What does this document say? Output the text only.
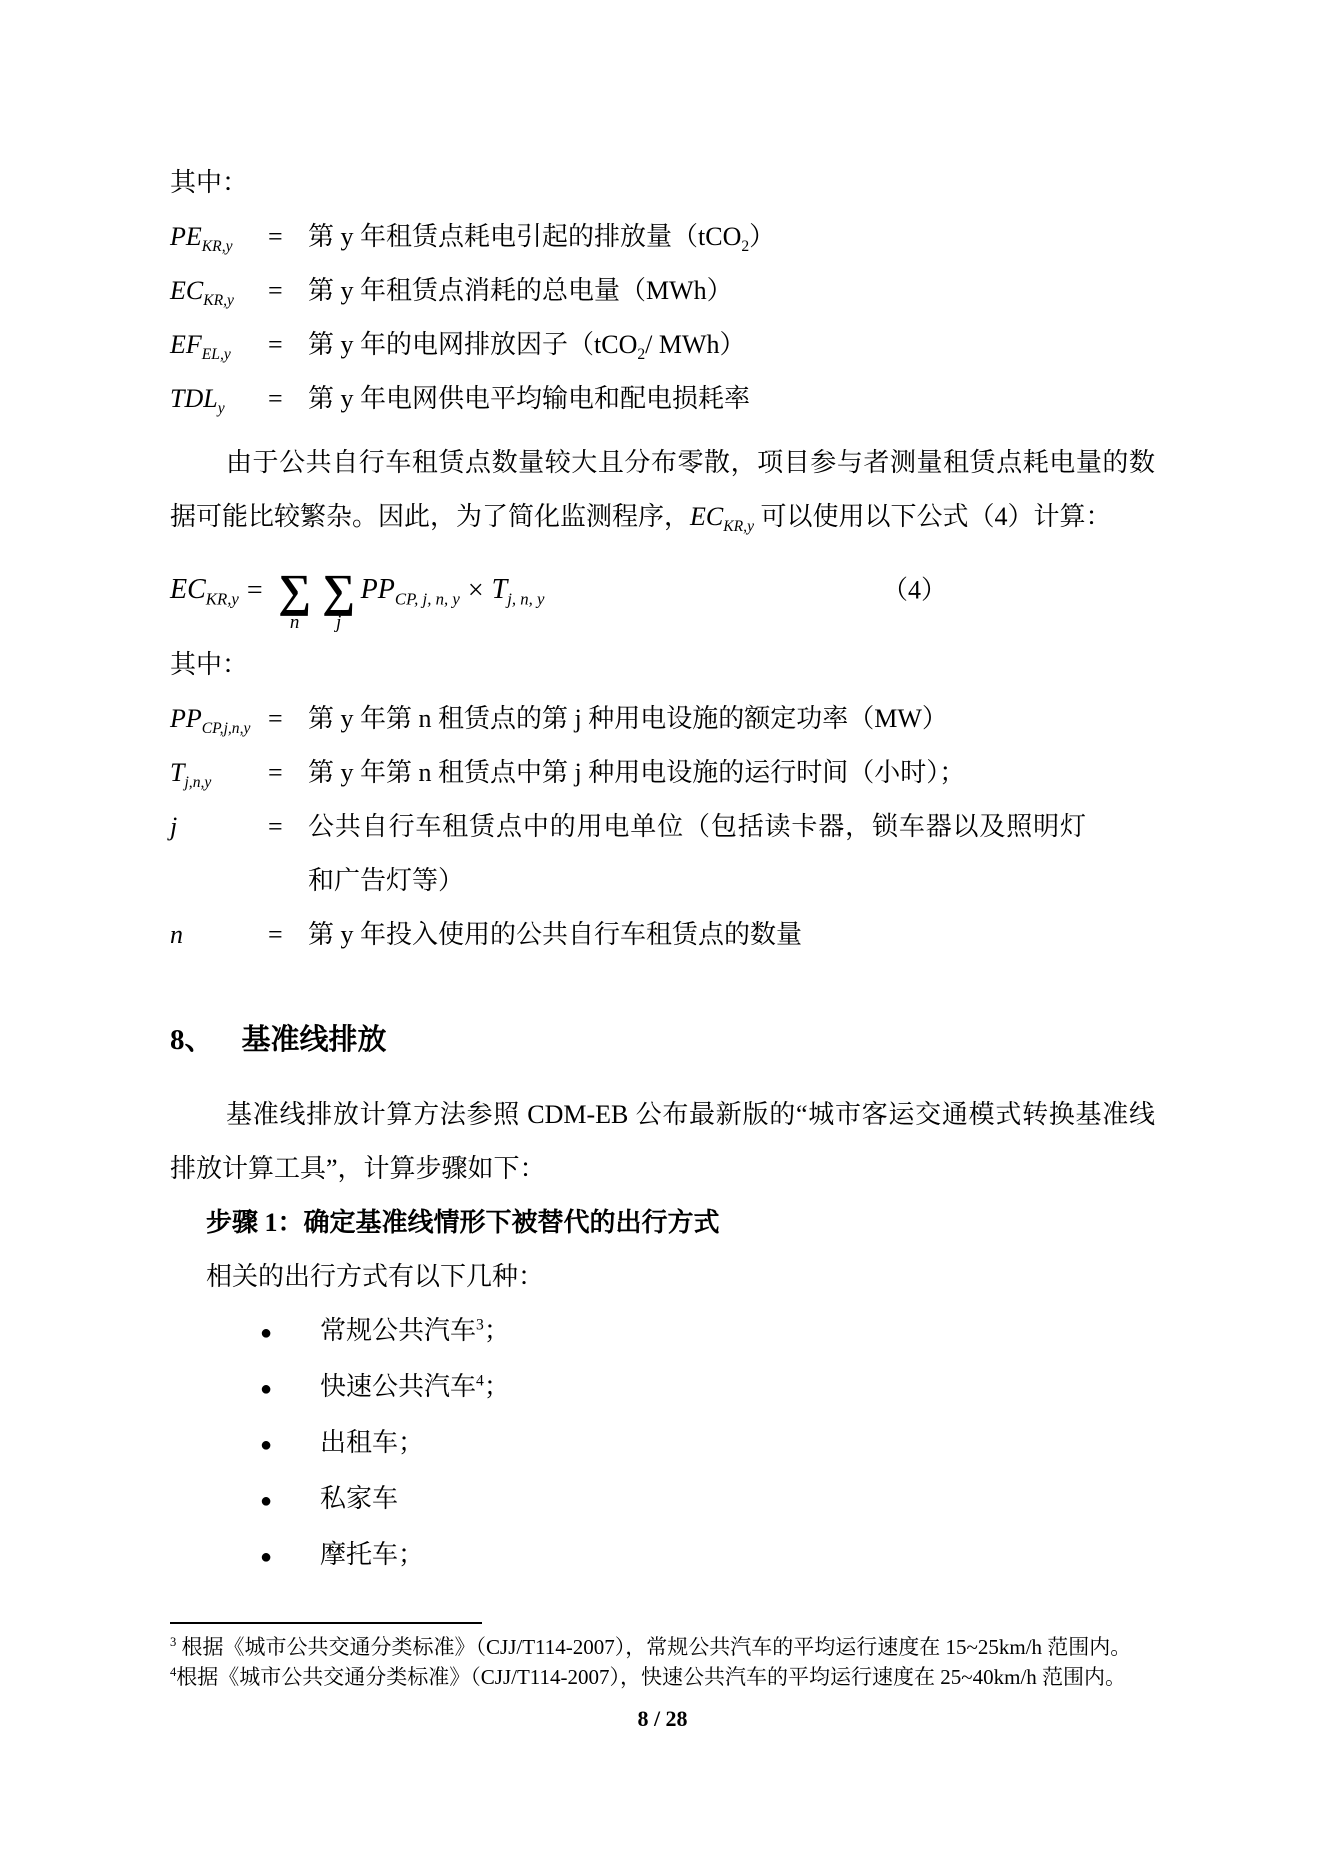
其中：

$PE_{KR,y}$	= 第 y 年租赁点耗电引起的排放量（tCO$_2$）
$EC_{KR,y}$	= 第 y 年租赁点消耗的总电量（MWh）
$EF_{EL,y}$	= 第 y 年的电网排放因子（tCO$_2$/ MWh）
$TDL_y$	= 第 y 年电网供电平均输电和配电损耗率

由于公共自行车租赁点数量较大且分布零散，项目参与者测量租赁点耗电量的数据可能比较繁杂。因此，为了简化监测程序，$EC_{KR,y}$ 可以使用以下公式（4）计算：

$EC_{KR,y}$ = ∑
n
∑
j
$PP_{CP, j, n, y} \times T_{j, n, y}$	（4）

其中：

$PP_{CP,j,n,y}$ = 第 y 年第 n 租赁点的第 j 种用电设施的额定功率（MW）
$T_{j,n,y}$	= 第 y 年第 n 租赁点中第 j 种用电设施的运行时间（小时）；
j	= 公共自行车租赁点中的用电单位（包括读卡器，锁车器以及照明灯和广告灯等）
n	= 第 y 年投入使用的公共自行车租赁点的数量
8、 基准线排放

基准线排放计算方法参照 CDM-EB 公布最新版的“城市客运交通模式转换基准线排放计算工具”，计算步骤如下：

步骤 1：确定基准线情形下被替代的出行方式

相关的出行方式有以下几种：

●	常规公共汽车$^3$；
●	快速公共汽车$^4$；
●	出租车；
●	私家车
●	摩托车；

$^3$ 根据《城市公共交通分类标准》（CJJ/T114-2007），常规公共汽车的平均运行速度在 15~25km/h 范围内。

$^4$根据《城市公共交通分类标准》（CJJ/T114-2007），快速公共汽车的平均运行速度在 25~40km/h 范围内。

8 / 28
